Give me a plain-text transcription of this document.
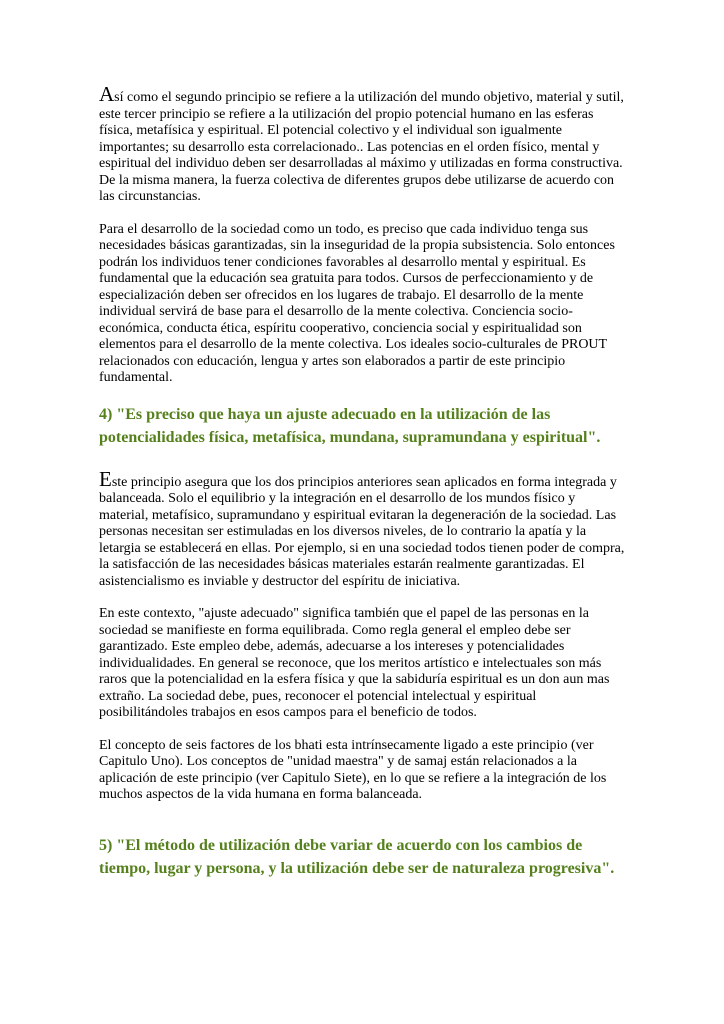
Así como el segundo principio se refiere a la utilización del mundo objetivo, material y sutil, este tercer principio se refiere a la utilización del propio potencial humano en las esferas física, metafísica y espiritual. El potencial colectivo y el individual son igualmente importantes; su desarrollo esta correlacionado.. Las potencias en el orden físico, mental y espiritual del individuo deben ser desarrolladas al máximo y utilizadas en forma constructiva. De la misma manera, la fuerza colectiva de diferentes grupos debe utilizarse de acuerdo con las circunstancias.

Para el desarrollo de la sociedad como un todo, es preciso que cada individuo tenga sus necesidades básicas garantizadas, sin la inseguridad de la propia subsistencia. Solo entonces podrán los individuos tener condiciones favorables al desarrollo mental y espiritual. Es fundamental que la educación sea gratuita para todos. Cursos de perfeccionamiento y de especialización deben ser ofrecidos en los lugares de trabajo. El desarrollo de la mente individual servirá de base para el desarrollo de la mente colectiva. Conciencia socio-económica, conducta ética, espíritu cooperativo, conciencia social y espiritualidad son elementos para el desarrollo de la mente colectiva. Los ideales socio-culturales de PROUT relacionados con educación, lengua y artes son elaborados a partir de este principio fundamental.

4) "Es preciso que haya un ajuste adecuado en la utilización de las potencialidades física, metafísica, mundana, supramundana y espiritual".

Este principio asegura que los dos principios anteriores sean aplicados en forma integrada y balanceada. Solo el equilibrio y la integración en el desarrollo de los mundos físico y material, metafísico, supramundano y espiritual evitaran la degeneración de la sociedad. Las personas necesitan ser estimuladas en los diversos niveles, de lo contrario la apatía y la letargia se establecerá en ellas. Por ejemplo, si en una sociedad todos tienen poder de compra, la satisfacción de las necesidades básicas materiales estarán realmente garantizadas. El asistencialismo es inviable y destructor del espíritu de iniciativa.

En este contexto, "ajuste adecuado" significa también que el papel de las personas en la sociedad se manifieste en forma equilibrada. Como regla general el empleo debe ser garantizado. Este empleo debe, además, adecuarse a los intereses y potencialidades individualidades. En general se reconoce, que los meritos artístico e intelectuales son más raros que la potencialidad en la esfera física y que la sabiduría espiritual es un don aun mas extraño. La sociedad debe, pues, reconocer el potencial intelectual y espiritual posibilitándoles trabajos en esos campos para el beneficio de todos.

El concepto de seis factores de los bhati esta intrínsecamente ligado a este principio (ver Capitulo Uno). Los conceptos de "unidad maestra" y de samaj están relacionados a la aplicación de este principio (ver Capitulo Siete), en lo que se refiere a la integración de los muchos aspectos de la vida humana en forma balanceada.

5) "El método de utilización debe variar de acuerdo con los cambios de tiempo, lugar y persona, y la utilización debe ser de naturaleza progresiva".
